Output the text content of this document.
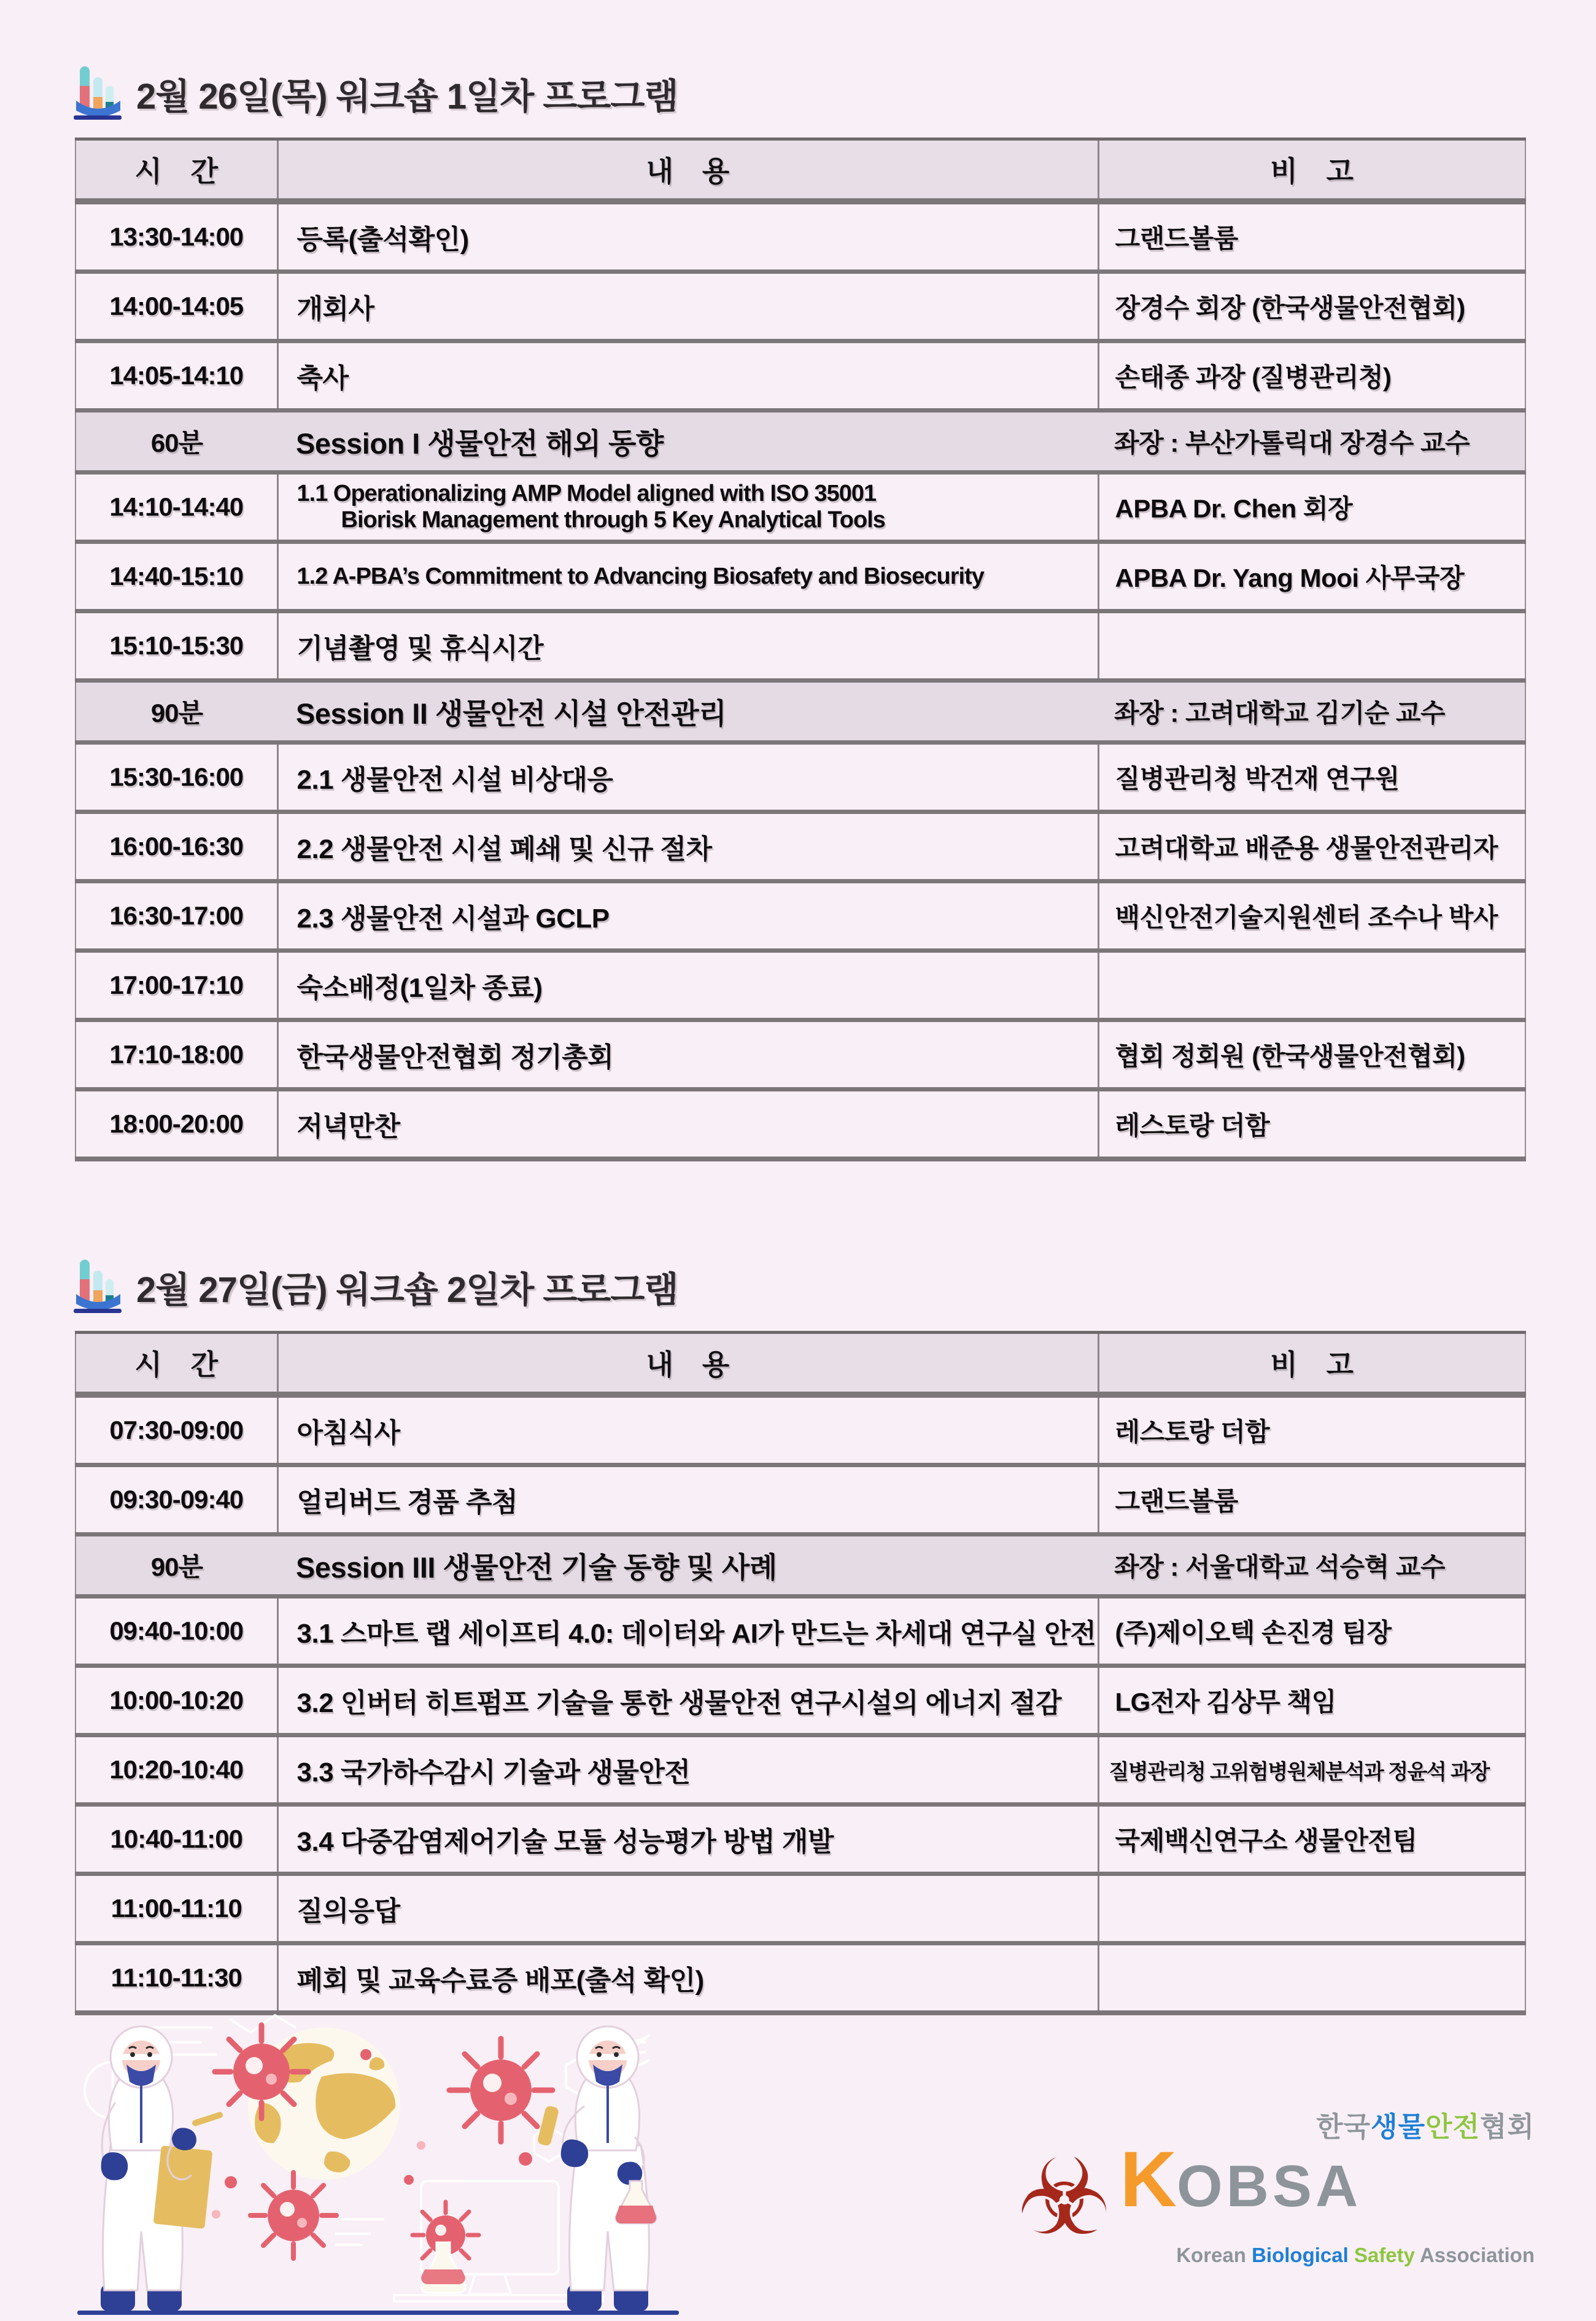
2월 26일(목) 워크숍 1일차 프로그램
시 간	내 용	비 고

13:30-14:00	등록(출석확인)	그랜드볼룸

14:00-14:05	개회사	장경수 회장 (한국생물안전협회)

14:05-14:10	축사	손태종 과장 (질병관리청)

60분	Session I 생물안전 해외 동향	좌장 : 부산가톨릭대 장경수 교수

14:10-14:40	1.1 Operationalizing AMP Model aligned with ISO 35001
Biorisk Management through 5 Key Analytical Tools	APBA Dr. Chen 회장

14:40-15:10	1.2 A-PBA’s Commitment to Advancing Biosafety and Biosecurity	APBA Dr. Yang Mooi 사무국장

15:10-15:30	기념촬영 및 휴식시간	

90분	Session II 생물안전 시설 안전관리	좌장 : 고려대학교 김기순 교수

15:30-16:00	2.1 생물안전 시설 비상대응	질병관리청 박건재 연구원

16:00-16:30	2.2 생물안전 시설 폐쇄 및 신규 절차	고려대학교 배준용 생물안전관리자

16:30-17:00	2.3 생물안전 시설과 GCLP	백신안전기술지원센터 조수나 박사

17:00-17:10	숙소배정(1일차 종료)	

17:10-18:00	한국생물안전협회 정기총회	협회 정회원 (한국생물안전협회)

18:00-20:00	저녁만찬	레스토랑 더함
2월 27일(금) 워크숍 2일차 프로그램
시 간	내 용	비 고

07:30-09:00	아침식사	레스토랑 더함

09:30-09:40	얼리버드 경품 추첨	그랜드볼룸

90분	Session III 생물안전 기술 동향 및 사례	좌장 : 서울대학교 석승혁 교수

09:40-10:00	3.1 스마트 랩 세이프티 4.0: 데이터와 AI가 만드는 차세대 연구실 안전	(주)제이오텍 손진경 팀장

10:00-10:20	3.2 인버터 히트펌프 기술을 통한 생물안전 연구시설의 에너지 절감	LG전자 김상무 책임

10:20-10:40	3.3 국가하수감시 기술과 생물안전	질병관리청 고위험병원체분석과 정윤석 과장

10:40-11:00	3.4 다중감염제어기술 모듈 성능평가 방법 개발	국제백신연구소 생물안전팀

11:00-11:10	질의응답	

11:10-11:30	폐회 및 교육수료증 배포(출석 확인)	

☣
한국생물안전협회
K OBSA

Korean Biological Safety Association
